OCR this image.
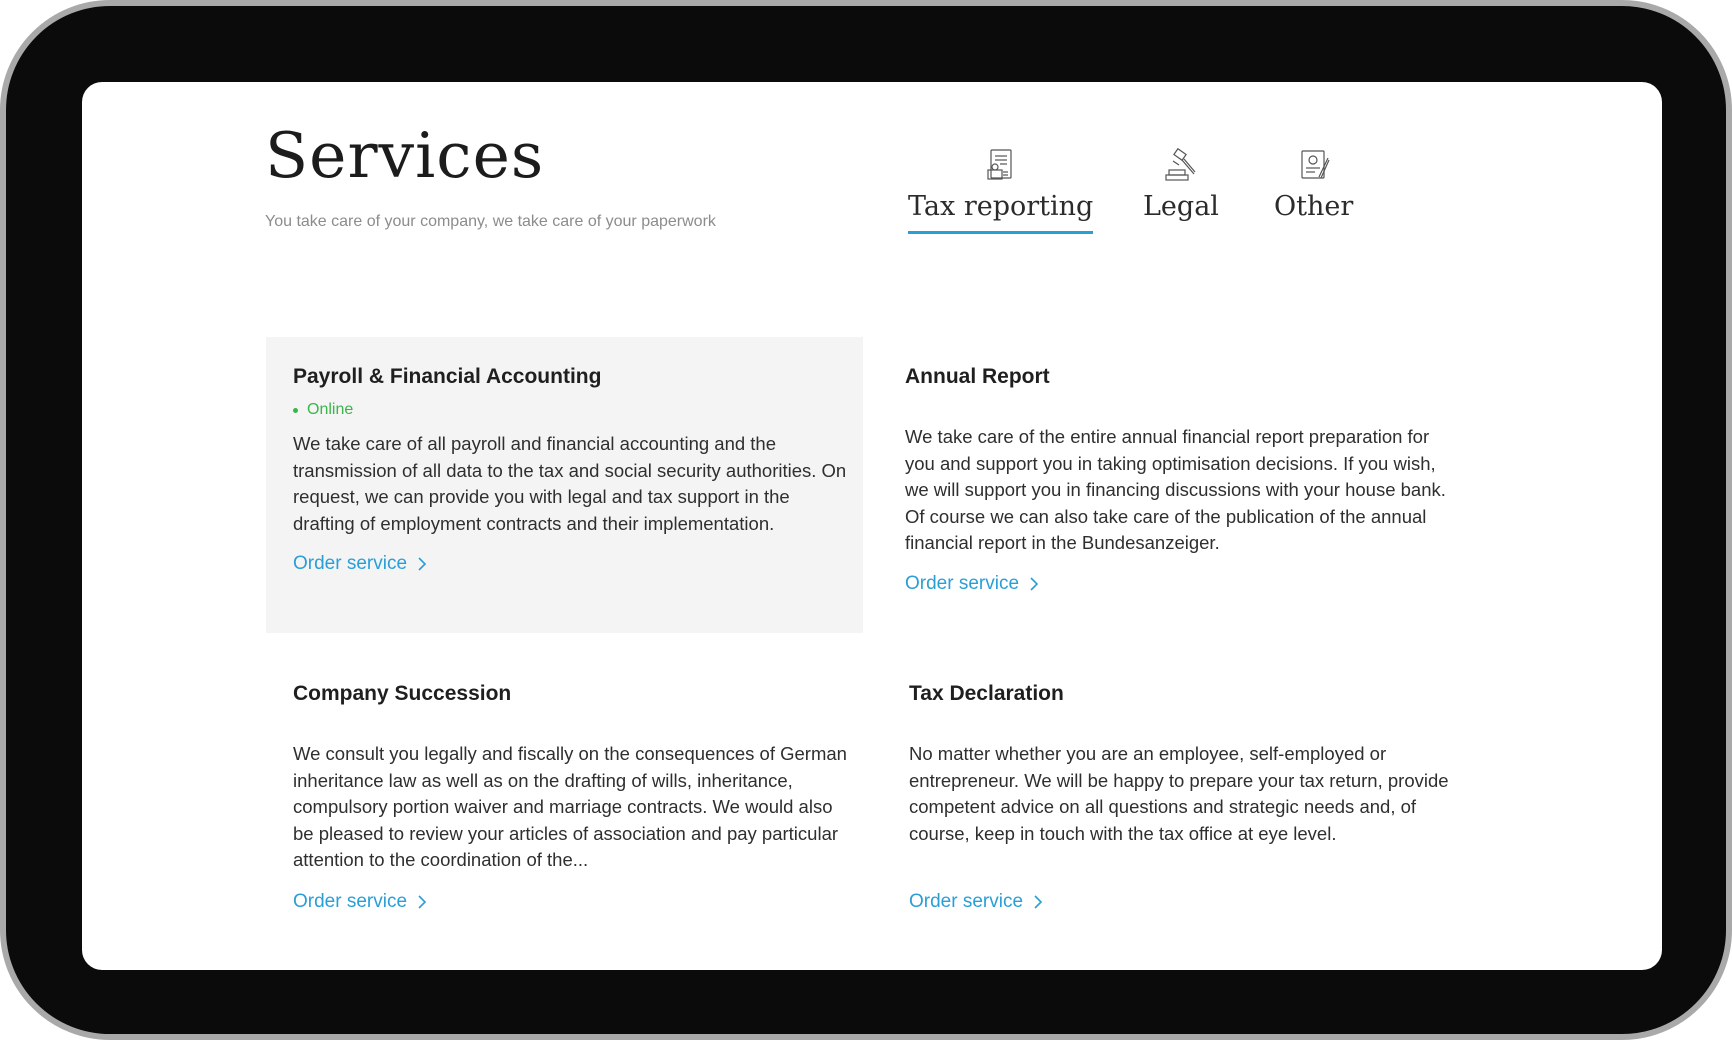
Services
You take care of your company, we take care of your paperwork	Tax reporting Legal Other
Payroll & Financial Accounting
Online

We take care of all payroll and financial accounting and the transmission of all data to the tax and social security authorities. On request, we can provide you with legal and tax support in the drafting of employment contracts and their implementation.

Order service
Annual Report

We take care of the entire annual financial report preparation for you and support you in taking optimisation decisions. If you wish, we will support you in financing discussions with your house bank. Of course we can also take care of the publication of the annual financial report in the Bundesanzeiger.

Order service
Company Succession

We consult you legally and fiscally on the consequences of German inheritance law as well as on the drafting of wills, inheritance, compulsory portion waiver and marriage contracts. We would also be pleased to review your articles of association and pay particular attention to the coordination of the...

Order service
Tax Declaration

No matter whether you are an employee, self-employed or entrepreneur. We will be happy to prepare your tax return, provide competent advice on all questions and strategic needs and, of course, keep in touch with the tax office at eye level.

Order service
